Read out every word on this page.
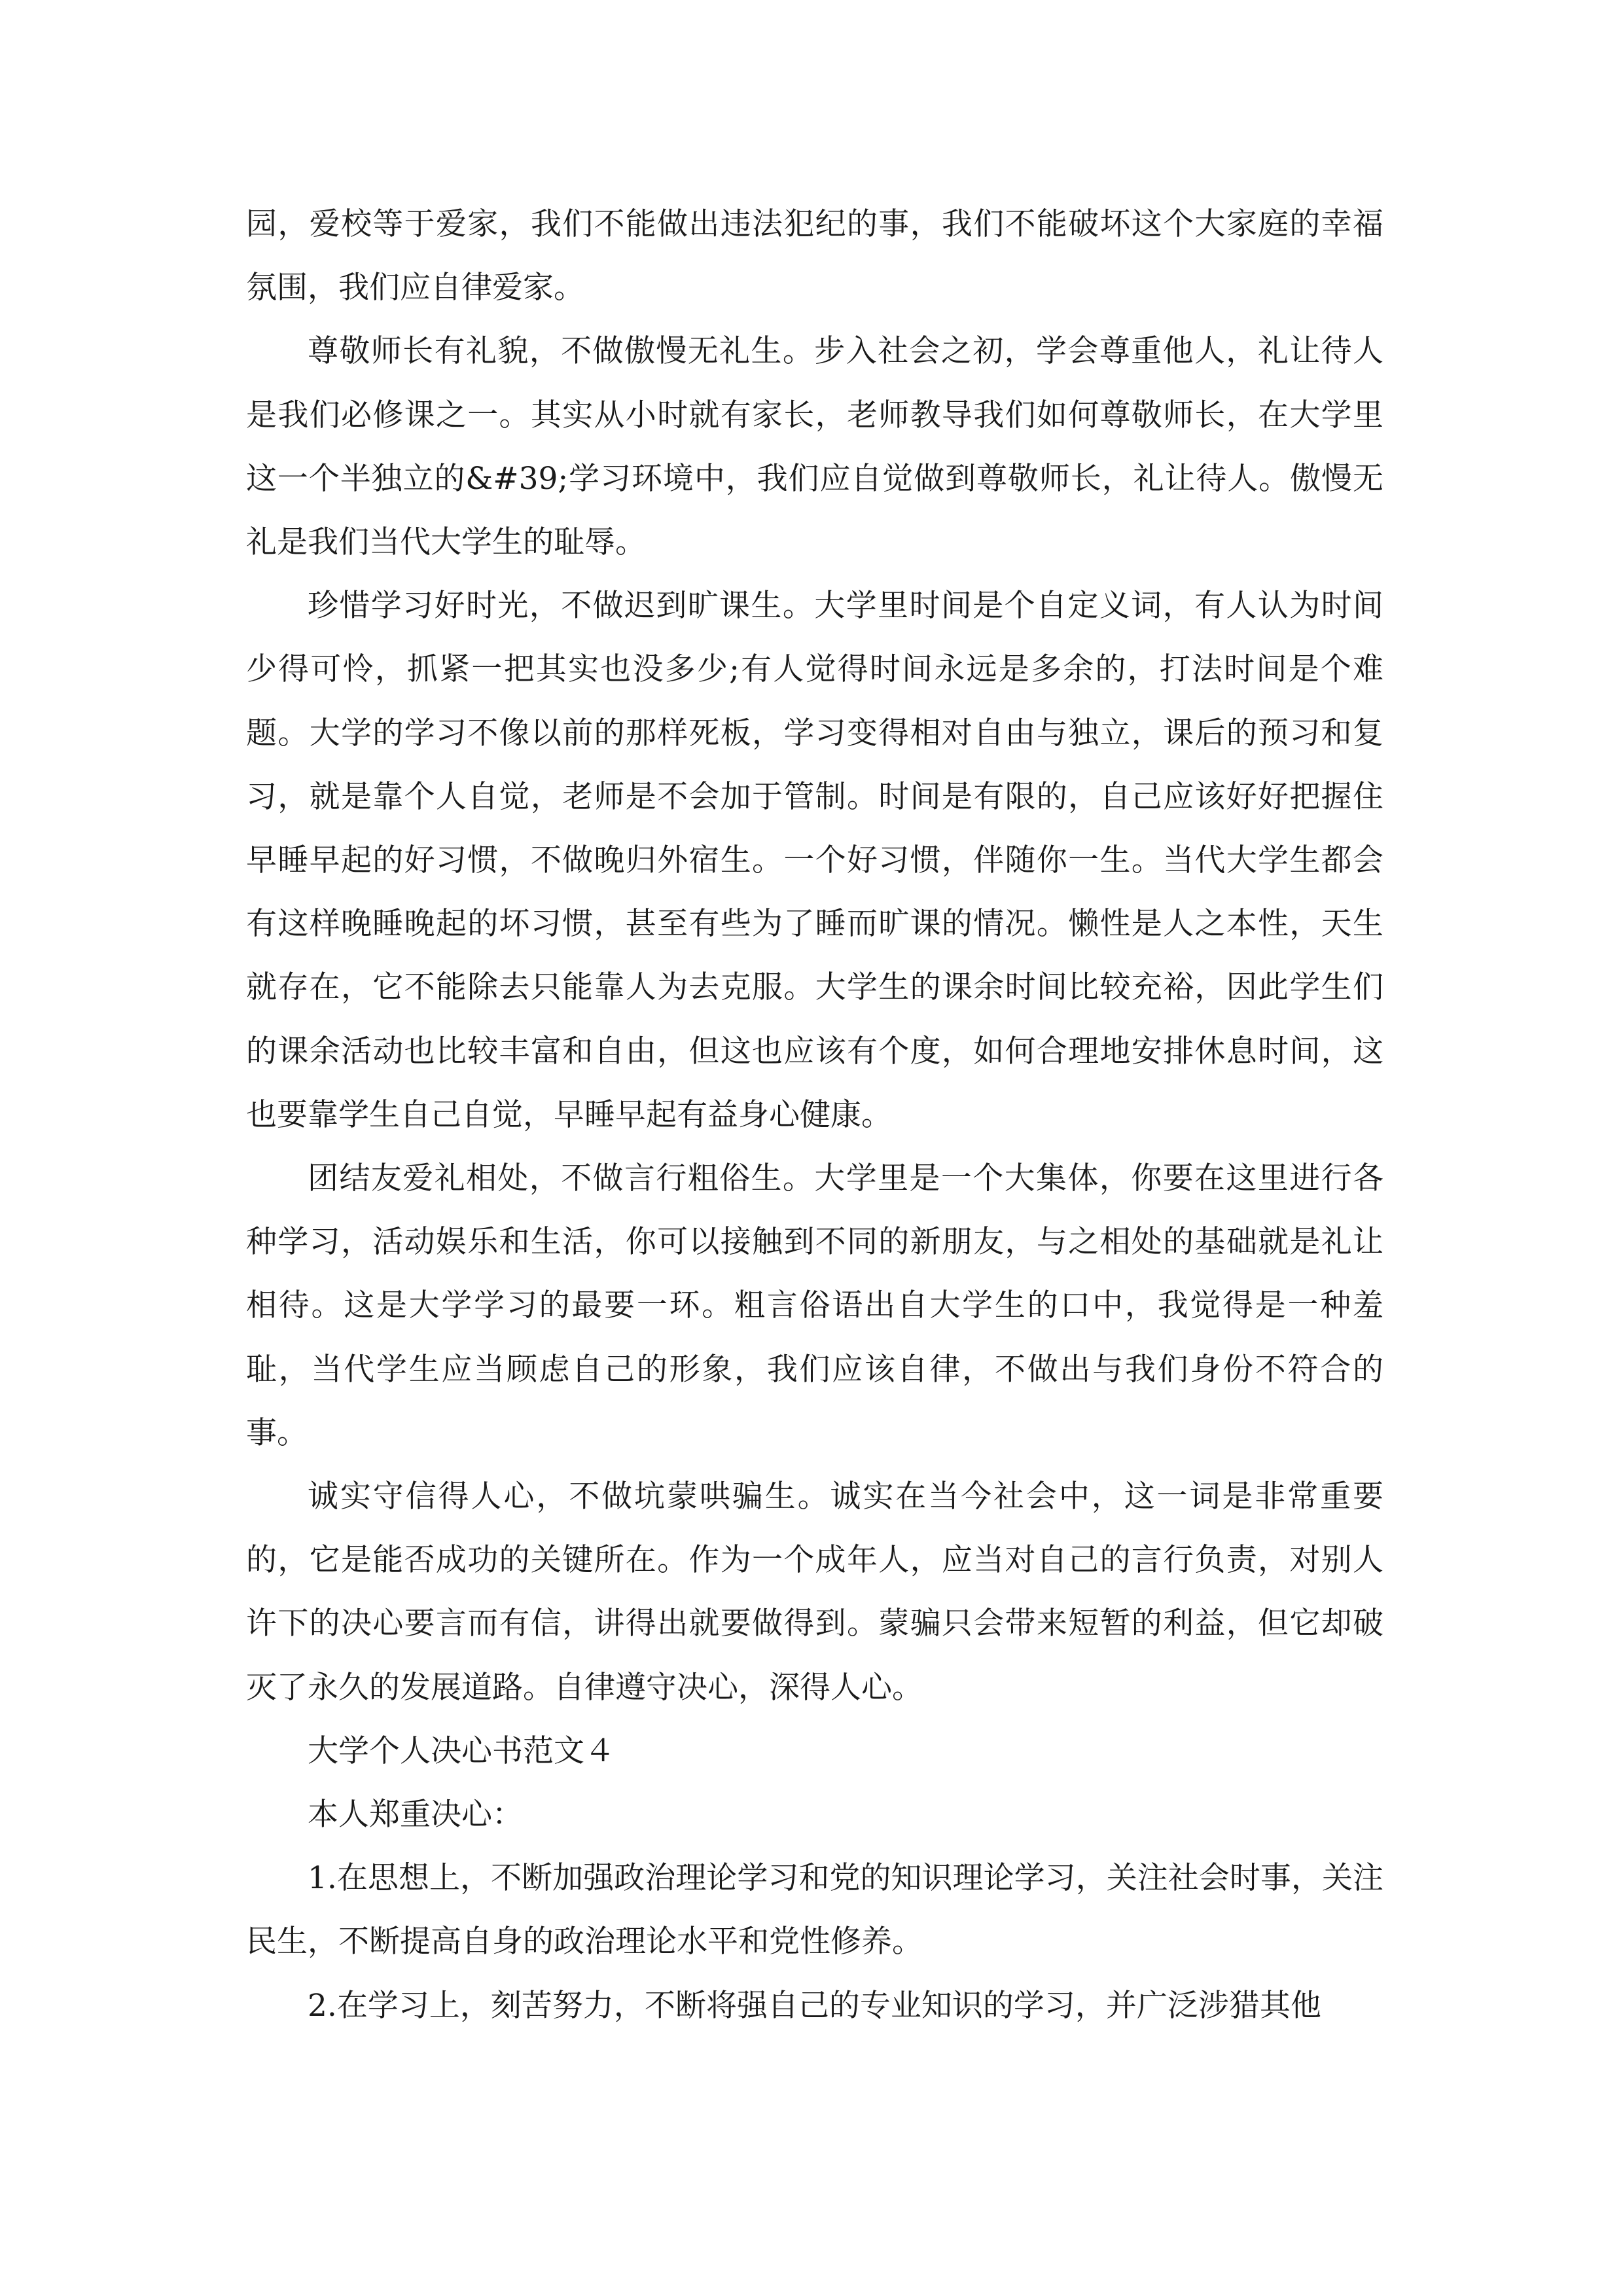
园，爱校等于爱家，我们不能做出违法犯纪的事，我们不能破坏这个大家庭的幸福氛围，我们应自律爱家。

尊敬师长有礼貌，不做傲慢无礼生。步入社会之初，学会尊重他人，礼让待人是我们必修课之一。其实从小时就有家长，老师教导我们如何尊敬师长，在大学里这一个半独立的&#39;学习环境中，我们应自觉做到尊敬师长，礼让待人。傲慢无礼是我们当代大学生的耻辱。

珍惜学习好时光，不做迟到旷课生。大学里时间是个自定义词，有人认为时间少得可怜，抓紧一把其实也没多少;有人觉得时间永远是多余的，打法时间是个难题。大学的学习不像以前的那样死板，学习变得相对自由与独立，课后的预习和复习，就是靠个人自觉，老师是不会加于管制。时间是有限的，自己应该好好把握住早睡早起的好习惯，不做晚归外宿生。一个好习惯，伴随你一生。当代大学生都会有这样晚睡晚起的坏习惯，甚至有些为了睡而旷课的情况。懒性是人之本性，天生就存在，它不能除去只能靠人为去克服。大学生的课余时间比较充裕，因此学生们的课余活动也比较丰富和自由，但这也应该有个度，如何合理地安排休息时间，这也要靠学生自己自觉，早睡早起有益身心健康。

团结友爱礼相处，不做言行粗俗生。大学里是一个大集体，你要在这里进行各种学习，活动娱乐和生活，你可以接触到不同的新朋友，与之相处的基础就是礼让相待。这是大学学习的最要一环。粗言俗语出自大学生的口中，我觉得是一种羞耻，当代学生应当顾虑自己的形象，我们应该自律，不做出与我们身份不符合的事。

诚实守信得人心，不做坑蒙哄骗生。诚实在当今社会中，这一词是非常重要的，它是能否成功的关键所在。作为一个成年人，应当对自己的言行负责，对别人许下的决心要言而有信，讲得出就要做得到。蒙骗只会带来短暂的利益，但它却破灭了永久的发展道路。自律遵守决心，深得人心。

大学个人决心书范文４

本人郑重决心：

1.在思想上，不断加强政治理论学习和党的知识理论学习，关注社会时事，关注民生，不断提高自身的政治理论水平和党性修养。

2.在学习上，刻苦努力，不断将强自己的专业知识的学习，并广泛涉猎其他
